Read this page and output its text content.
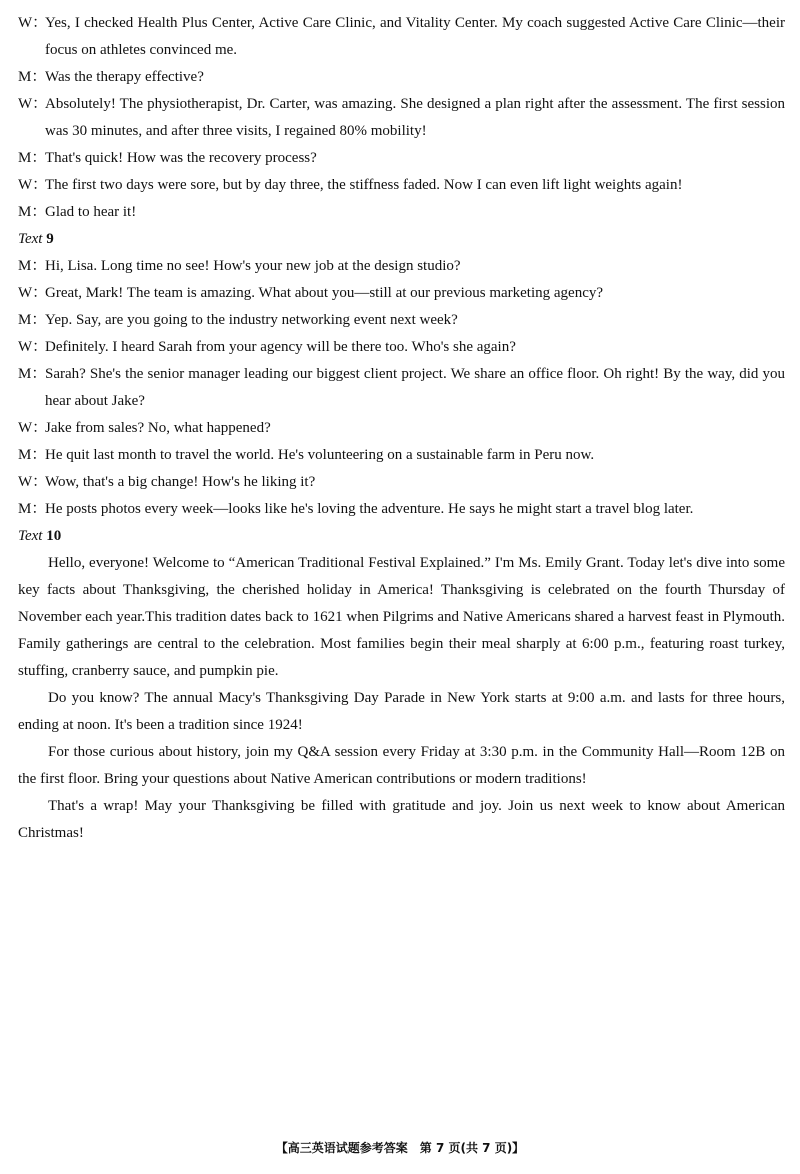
W：Yes, I checked Health Plus Center, Active Care Clinic, and Vitality Center. My coach suggested Active Care Clinic—their focus on athletes convinced me.
M：Was the therapy effective?
W：Absolutely! The physiotherapist, Dr. Carter, was amazing. She designed a plan right after the assessment. The first session was 30 minutes, and after three visits, I regained 80% mobility!
M：That's quick! How was the recovery process?
W：The first two days were sore, but by day three, the stiffness faded. Now I can even lift light weights again!
M：Glad to hear it!
Text 9
M：Hi, Lisa. Long time no see! How's your new job at the design studio?
W：Great, Mark! The team is amazing. What about you—still at our previous marketing agency?
M：Yep. Say, are you going to the industry networking event next week?
W：Definitely. I heard Sarah from your agency will be there too. Who's she again?
M：Sarah? She's the senior manager leading our biggest client project. We share an office floor. Oh right! By the way, did you hear about Jake?
W：Jake from sales? No, what happened?
M：He quit last month to travel the world. He's volunteering on a sustainable farm in Peru now.
W：Wow, that's a big change! How's he liking it?
M：He posts photos every week—looks like he's loving the adventure. He says he might start a travel blog later.
Text 10
Hello, everyone! Welcome to “American Traditional Festival Explained.” I'm Ms. Emily Grant. Today let's dive into some key facts about Thanksgiving, the cherished holiday in America! Thanksgiving is celebrated on the fourth Thursday of November each year.This tradition dates back to 1621 when Pilgrims and Native Americans shared a harvest feast in Plymouth. Family gatherings are central to the celebration. Most families begin their meal sharply at 6:00 p.m., featuring roast turkey, stuffing, cranberry sauce, and pumpkin pie.
Do you know? The annual Macy's Thanksgiving Day Parade in New York starts at 9:00 a.m. and lasts for three hours, ending at noon. It's been a tradition since 1924!
For those curious about history, join my Q&A session every Friday at 3:30 p.m. in the Community Hall—Room 12B on the first floor. Bring your questions about Native American contributions or modern traditions!
That's a wrap! May your Thanksgiving be filled with gratitude and joy. Join us next week to know about American Christmas!
【高三英语试题参考答案　第 7 页(共 7 页)】
